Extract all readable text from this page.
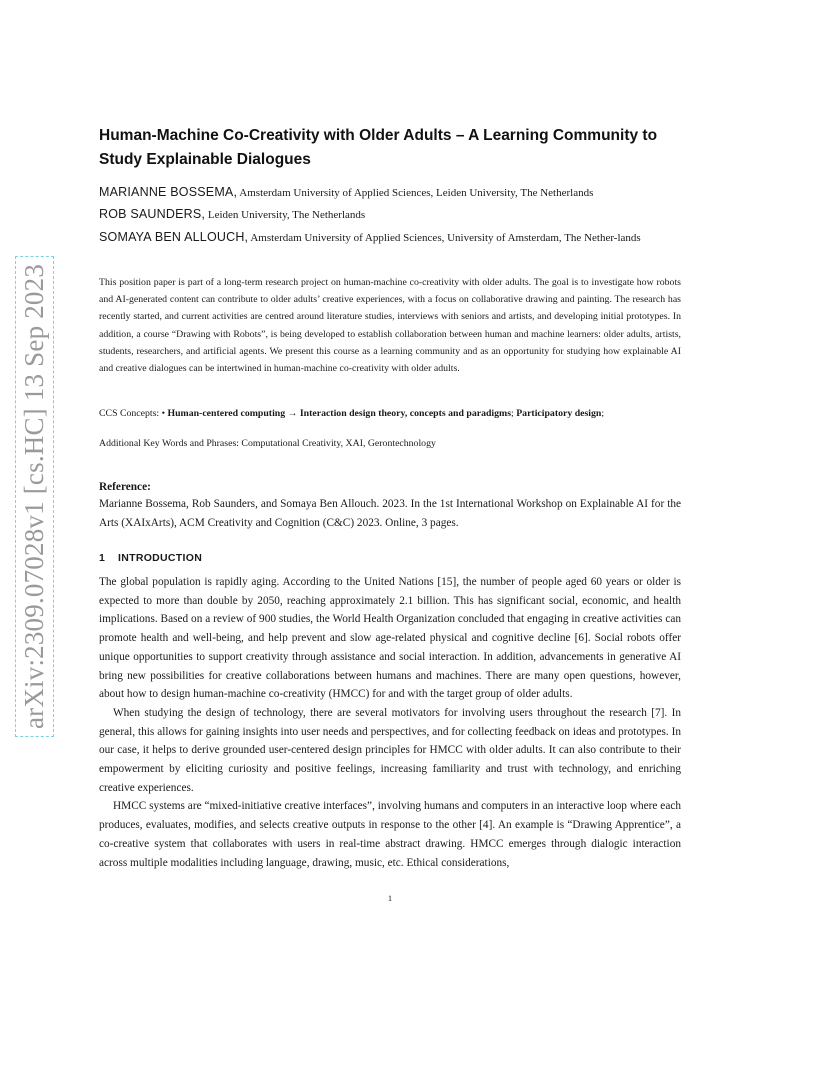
arXiv:2309.07028v1 [cs.HC] 13 Sep 2023
Human-Machine Co-Creativity with Older Adults – A Learning Community to Study Explainable Dialogues

MARIANNE BOSSEMA, Amsterdam University of Applied Sciences, Leiden University, The Netherlands

ROB SAUNDERS, Leiden University, The Netherlands

SOMAYA BEN ALLOUCH, Amsterdam University of Applied Sciences, University of Amsterdam, The Nether-lands

This position paper is part of a long-term research project on human-machine co-creativity with older adults. The goal is to investigate how robots and AI-generated content can contribute to older adults’ creative experiences, with a focus on collaborative drawing and painting. The research has recently started, and current activities are centred around literature studies, interviews with seniors and artists, and developing initial prototypes. In addition, a course “Drawing with Robots”, is being developed to establish collaboration between human and machine learners: older adults, artists, students, researchers, and artificial agents. We present this course as a learning community and as an opportunity for studying how explainable AI and creative dialogues can be intertwined in human-machine co-creativity with older adults.

CCS Concepts: • Human-centered computing → Interaction design theory, concepts and paradigms; Participatory design;

Additional Key Words and Phrases: Computational Creativity, XAI, Gerontechnology

Reference:

Marianne Bossema, Rob Saunders, and Somaya Ben Allouch. 2023. In the 1st International Workshop on Explainable AI for the Arts (XAIxArts), ACM Creativity and Cognition (C&C) 2023. Online, 3 pages.

1 INTRODUCTION

The global population is rapidly aging. According to the United Nations [15], the number of people aged 60 years or older is expected to more than double by 2050, reaching approximately 2.1 billion. This has significant social, economic, and health implications. Based on a review of 900 studies, the World Health Organization concluded that engaging in creative activities can promote health and well-being, and help prevent and slow age-related physical and cognitive decline [6]. Social robots offer unique opportunities to support creativity through assistance and social interaction. In addition, advancements in generative AI bring new possibilities for creative collaborations between humans and machines. There are many open questions, however, about how to design human-machine co-creativity (HMCC) for and with the target group of older adults.

When studying the design of technology, there are several motivators for involving users throughout the research [7]. In general, this allows for gaining insights into user needs and perspectives, and for collecting feedback on ideas and prototypes. In our case, it helps to derive grounded user-centered design principles for HMCC with older adults. It can also contribute to their empowerment by eliciting curiosity and positive feelings, increasing familiarity and trust with technology, and enriching creative experiences.

HMCC systems are “mixed-initiative creative interfaces”, involving humans and computers in an interactive loop where each produces, evaluates, modifies, and selects creative outputs in response to the other [4]. An example is “Drawing Apprentice”, a co-creative system that collaborates with users in real-time abstract drawing. HMCC emerges through dialogic interaction across multiple modalities including language, drawing, music, etc. Ethical considerations,

1
